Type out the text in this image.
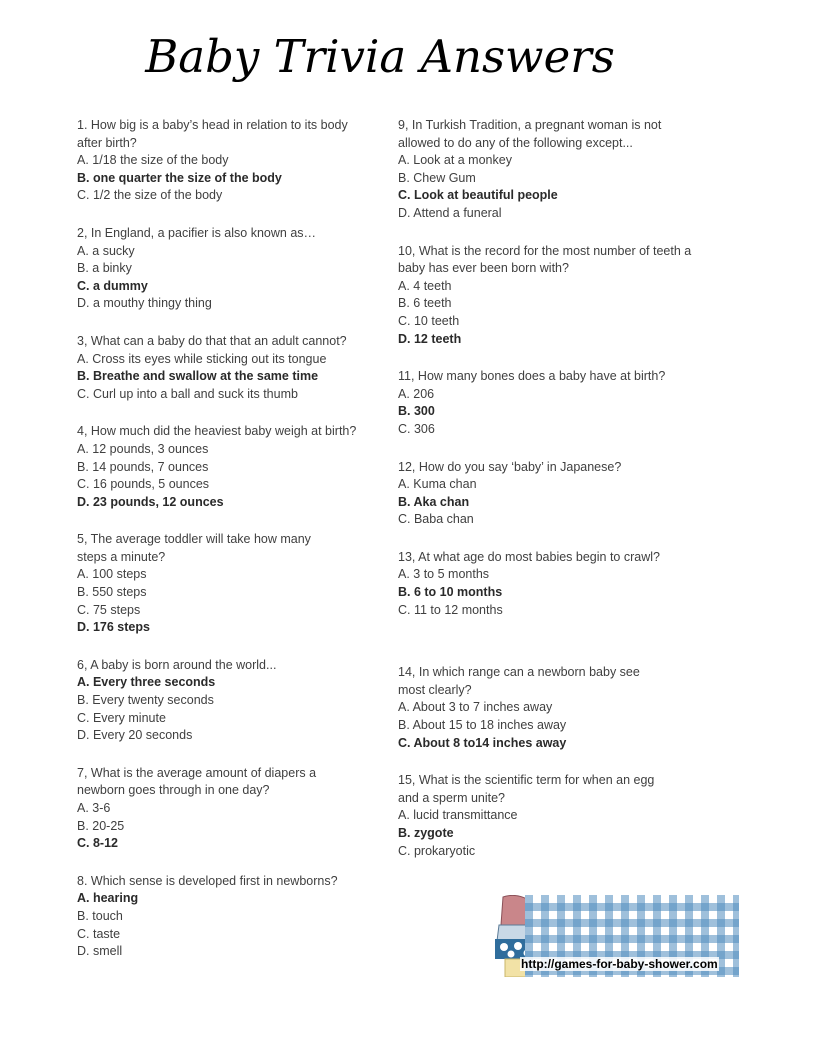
Baby Trivia Answers
1. How big is a baby’s head in relation to its body
after birth?
A. 1/18 the size of the body
B. one quarter the size of the body
C. 1/2 the size of the body
2, In England, a pacifier is also known as…
A. a sucky
B. a binky
C. a dummy
D. a mouthy thingy thing
3, What can a baby do that that an adult cannot?
A. Cross its eyes while sticking out its tongue
B. Breathe and swallow at the same time
C. Curl up into a ball and suck its thumb
4, How much did the heaviest baby weigh at birth?
A. 12 pounds, 3 ounces
B. 14 pounds, 7 ounces
C. 16 pounds, 5 ounces
D. 23 pounds, 12 ounces
5, The average toddler will take how many
steps a minute?
A. 100 steps
B. 550 steps
C. 75 steps
D. 176 steps
6, A baby is born around the world...
A. Every three seconds
B. Every twenty seconds
C. Every minute
D. Every 20 seconds
7, What is the average amount of diapers a
newborn goes through in one day?
A. 3-6
B. 20-25
C. 8-12
8. Which sense is developed first in newborns?
A. hearing
B. touch
C. taste
D. smell
9, In Turkish Tradition, a pregnant woman is not
allowed to do any of the following except...
A. Look at a monkey
B. Chew Gum
C. Look at beautiful people
D. Attend a funeral
10, What is the record for the most number of teeth a
baby has ever been born with?
A. 4 teeth
B. 6 teeth
C. 10 teeth
D. 12 teeth
11, How many bones does a baby have at birth?
A. 206
B. 300
C. 306
12, How do you say ‘baby’ in Japanese?
A. Kuma chan
B. Aka chan
C. Baba chan
13, At what age do most babies begin to crawl?
A. 3 to 5 months
B. 6 to 10 months
C. 11 to 12 months
14, In which range can a newborn baby see
most clearly?
A. About 3 to 7 inches away
B. About 15 to 18 inches away
C. About 8 to14 inches away
15, What is the scientific term for when an egg
and a sperm unite?
A. lucid transmittance
B. zygote
C. prokaryotic
http://games-for-baby-shower.com
